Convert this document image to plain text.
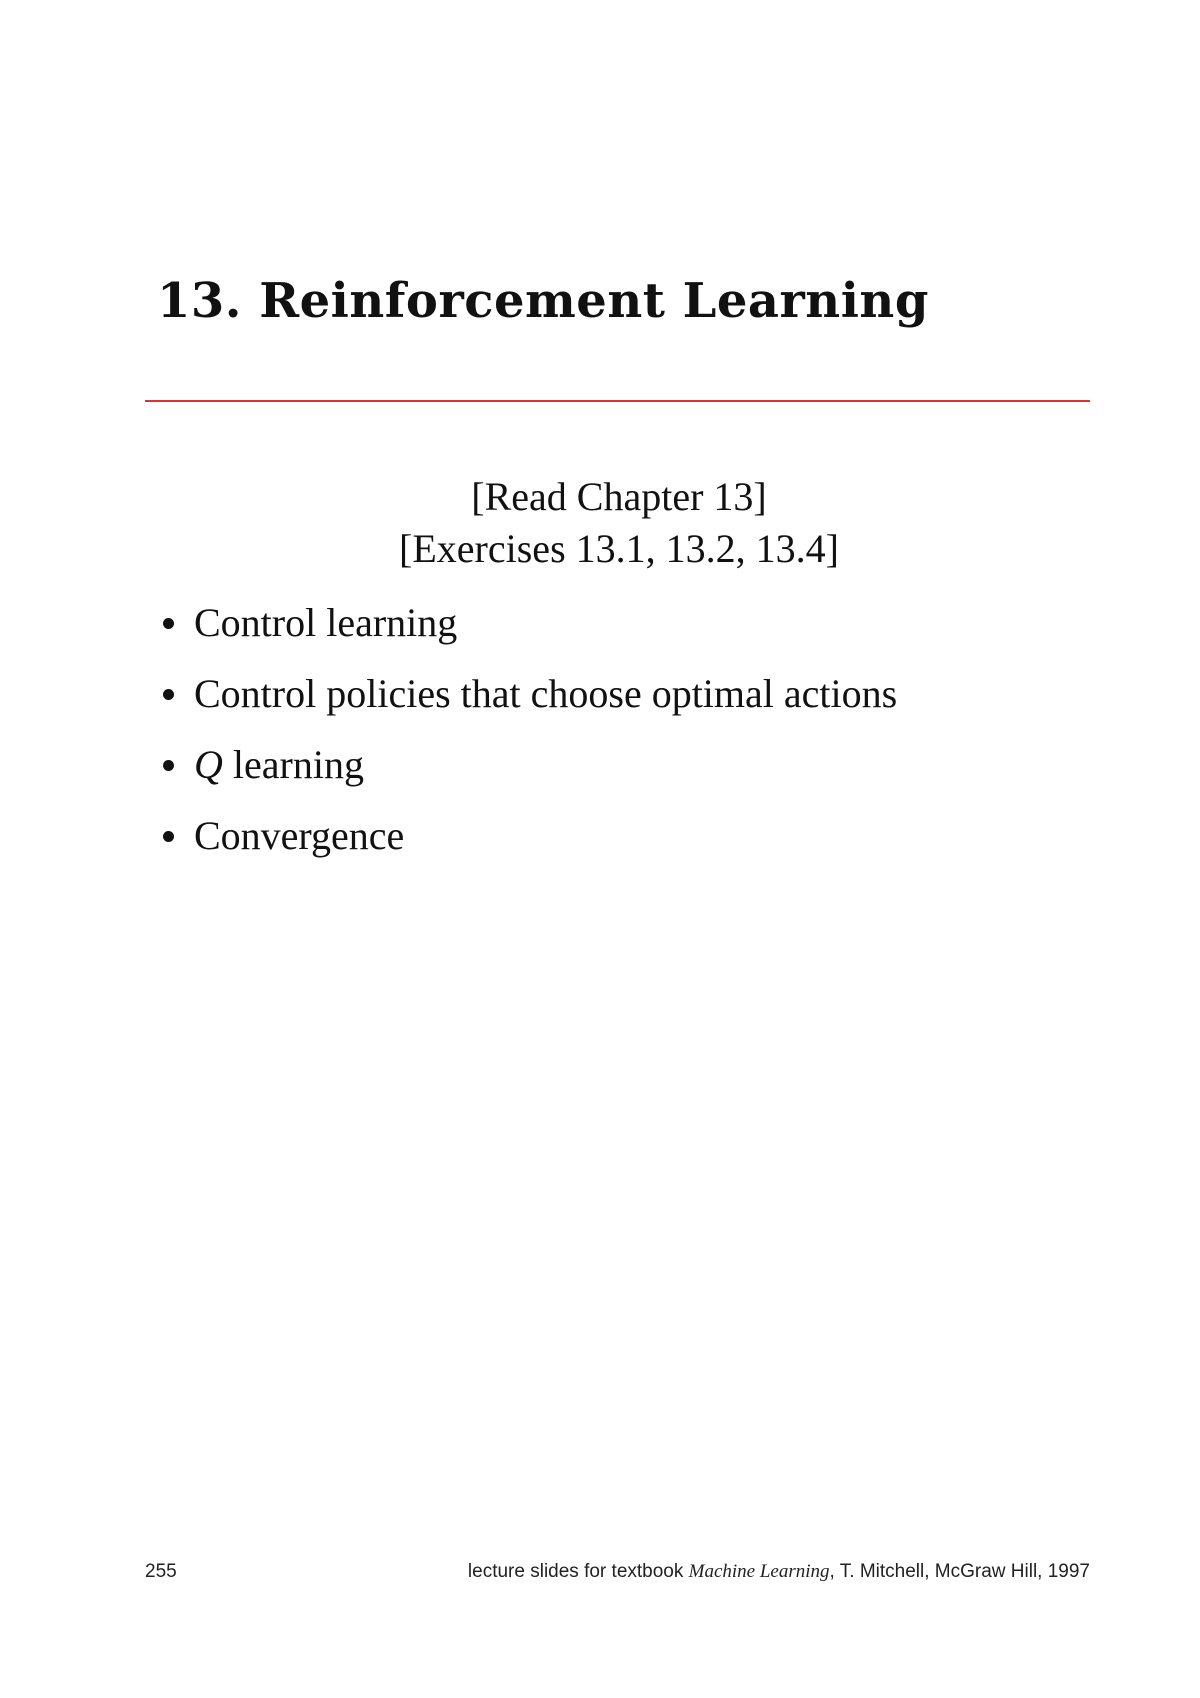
13. Reinforcement Learning
[Read Chapter 13]
[Exercises 13.1, 13.2, 13.4]
Control learning
Control policies that choose optimal actions
Q learning
Convergence
255	lecture slides for textbook Machine Learning, T. Mitchell, McGraw Hill, 1997
